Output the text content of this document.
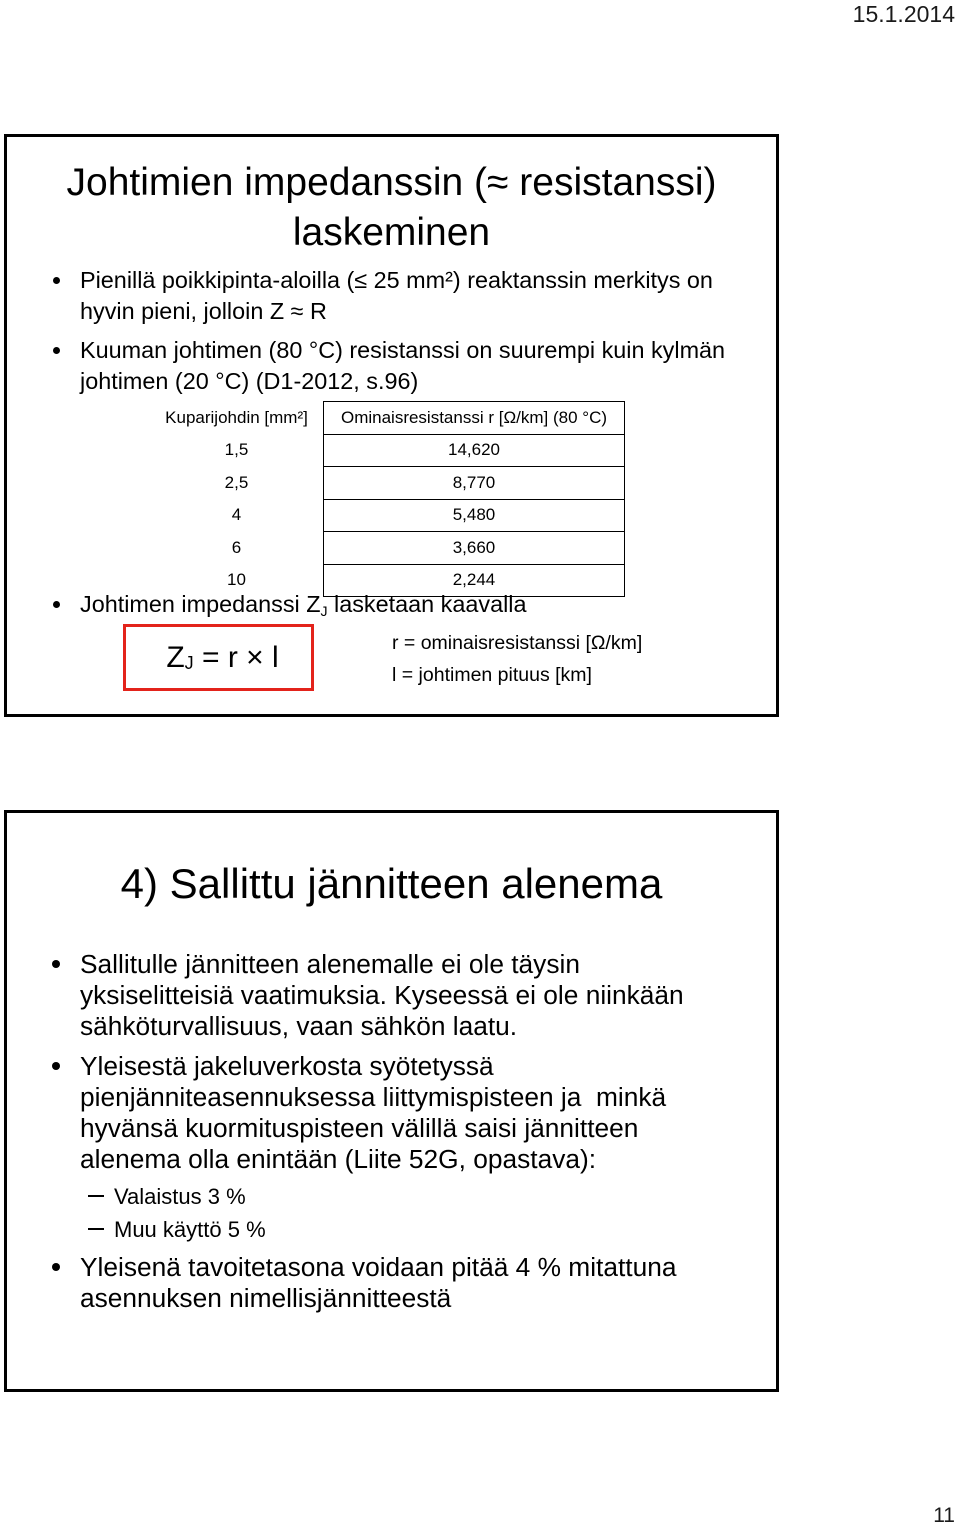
15.1.2014
Johtimien impedanssin (≈ resistanssi)
laskeminen
Pienillä poikkipinta-aloilla (≤ 25 mm²) reaktanssin merkitys on
hyvin pieni, jolloin Z ≈ R
Kuuman johtimen (80 °C) resistanssi on suurempi kuin kylmän
johtimen (20 °C) (D1-2012, s.96)
Kuparijohdin [mm²]	Ominaisresistanssi r [Ω/km] (80 °C)
1,5	14,620
2,5	8,770
4	5,480
6	3,660
10	2,244
Johtimen impedanssi $Z_J$ lasketaan kaavalla
Z J = r × l	r = ominaisresistanssi [Ω/km]
l = johtimen pituus [km]
4) Sallittu jännitteen alenema
Sallitulle jännitteen alenemalle ei ole täysin
yksiselitteisiä vaatimuksia. Kyseessä ei ole niinkään
sähköturvallisuus, vaan sähkön laatu.
Yleisestä jakeluverkosta syötetyssä
pienjänniteasennuksessa liittymispisteen ja  minkä
hyvänsä kuormituspisteen välillä saisi jännitteen
alenema olla enintään (Liite 52G, opastava):
Valaistus 3 %
Muu käyttö 5 %
Yleisenä tavoitetasona voidaan pitää 4 % mitattuna
asennuksen nimellisjännitteestä
11
